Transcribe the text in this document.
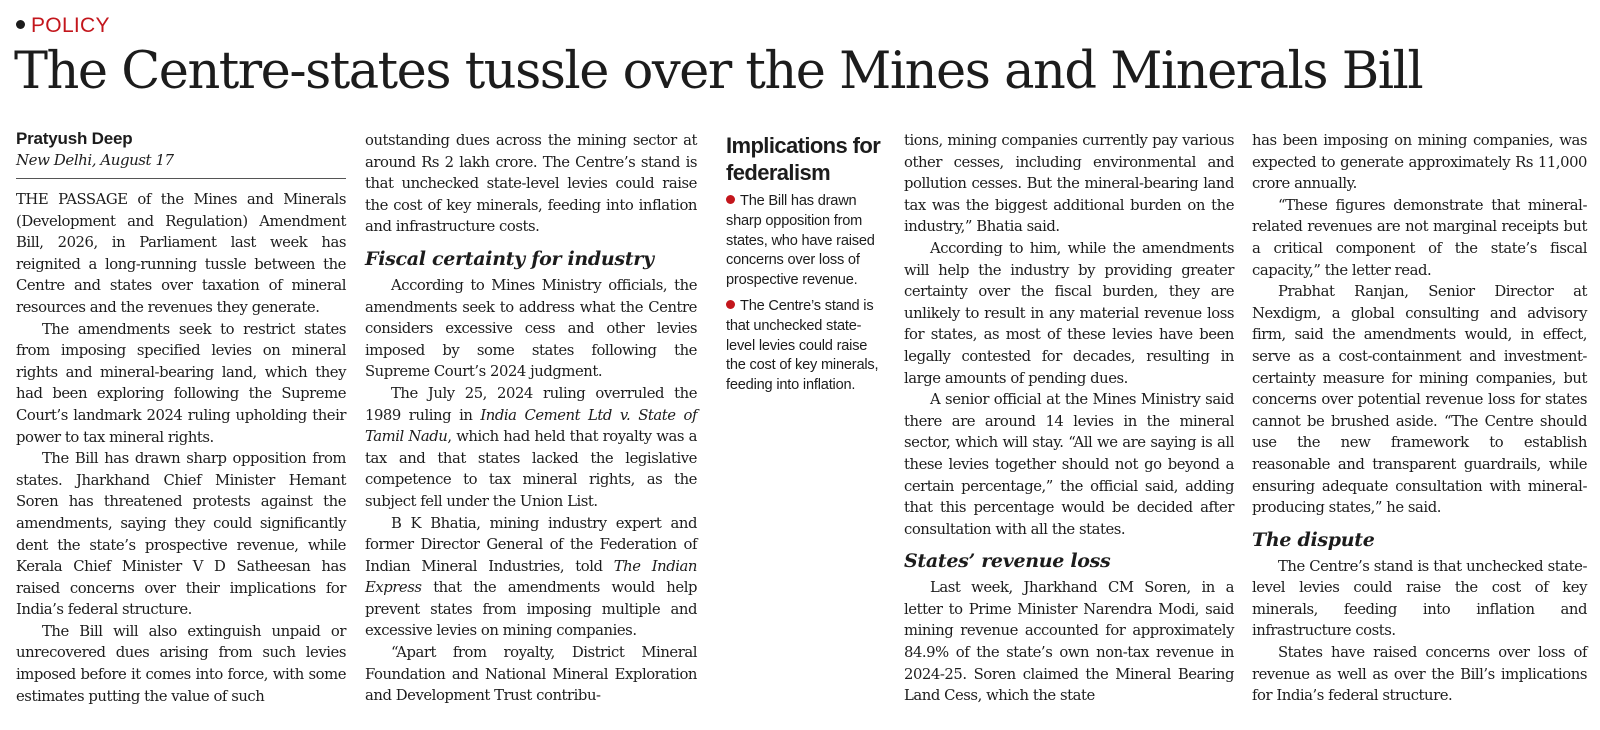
POLICY
The Centre-states tussle over the Mines and Minerals Bill
Pratyush Deep
New Delhi, August 17

THE PASSAGE of the Mines and Minerals (Development and Regulation) Amendment Bill, 2026, in Parliament last week has reignited a long-running tussle between the Centre and states over taxation of mineral resources and the revenues they generate.

The amendments seek to restrict states from imposing specified levies on mineral rights and mineral-bearing land, which they had been exploring following the Supreme Court’s landmark 2024 ruling upholding their power to tax mineral rights.

The Bill has drawn sharp opposition from states. Jharkhand Chief Minister Hemant Soren has threatened protests against the amendments, saying they could significantly dent the state’s prospective revenue, while Kerala Chief Minister V D Satheesan has raised concerns over their implications for India’s federal structure.

The Bill will also extinguish unpaid or unrecovered dues arising from such levies imposed before it comes into force, with some estimates putting the value of such

outstanding dues across the mining sector at around Rs 2 lakh crore. The Centre’s stand is that unchecked state-level levies could raise the cost of key minerals, feeding into inflation and infrastructure costs.

Fiscal certainty for industry

According to Mines Ministry officials, the amendments seek to address what the Centre considers excessive cess and other levies imposed by some states following the Supreme Court’s 2024 judgment.

The July 25, 2024 ruling overruled the 1989 ruling in India Cement Ltd v. State of Tamil Nadu, which had held that royalty was a tax and that states lacked the legislative competence to tax mineral rights, as the subject fell under the Union List.

B K Bhatia, mining industry expert and former Director General of the Federation of Indian Mineral Industries, told The Indian Express that the amendments would help prevent states from imposing multiple and excessive levies on mining companies.

“Apart from royalty, District Mineral Foundation and National Mineral Exploration and Development Trust contribu-

Implications for federalism
The Bill has drawn sharp opposition from states, who have raised concerns over loss of prospective revenue.
The Centre’s stand is that unchecked state-level levies could raise the cost of key minerals, feeding into inflation.

tions, mining companies currently pay various other cesses, including environmental and pollution cesses. But the mineral-bearing land tax was the biggest additional burden on the industry,” Bhatia said.

According to him, while the amendments will help the industry by providing greater certainty over the fiscal burden, they are unlikely to result in any material revenue loss for states, as most of these levies have been legally contested for decades, resulting in large amounts of pending dues.

A senior official at the Mines Ministry said there are around 14 levies in the mineral sector, which will stay. “All we are saying is all these levies together should not go beyond a certain percentage,” the official said, adding that this percentage would be decided after consultation with all the states.

States’ revenue loss

Last week, Jharkhand CM Soren, in a letter to Prime Minister Narendra Modi, said mining revenue accounted for approximately 84.9% of the state’s own non-tax revenue in 2024-25. Soren claimed the Mineral Bearing Land Cess, which the state

has been imposing on mining companies, was expected to generate approximately Rs 11,000 crore annually.

“These figures demonstrate that mineral-related revenues are not marginal receipts but a critical component of the state’s fiscal capacity,” the letter read.

Prabhat Ranjan, Senior Director at Nexdigm, a global consulting and advisory firm, said the amendments would, in effect, serve as a cost-containment and investment-certainty measure for mining companies, but concerns over potential revenue loss for states cannot be brushed aside. “The Centre should use the new framework to establish reasonable and transparent guardrails, while ensuring adequate consultation with mineral-producing states,” he said.

The dispute

The Centre’s stand is that unchecked state-level levies could raise the cost of key minerals, feeding into inflation and infrastructure costs.

States have raised concerns over loss of revenue as well as over the Bill’s implications for India’s federal structure.
